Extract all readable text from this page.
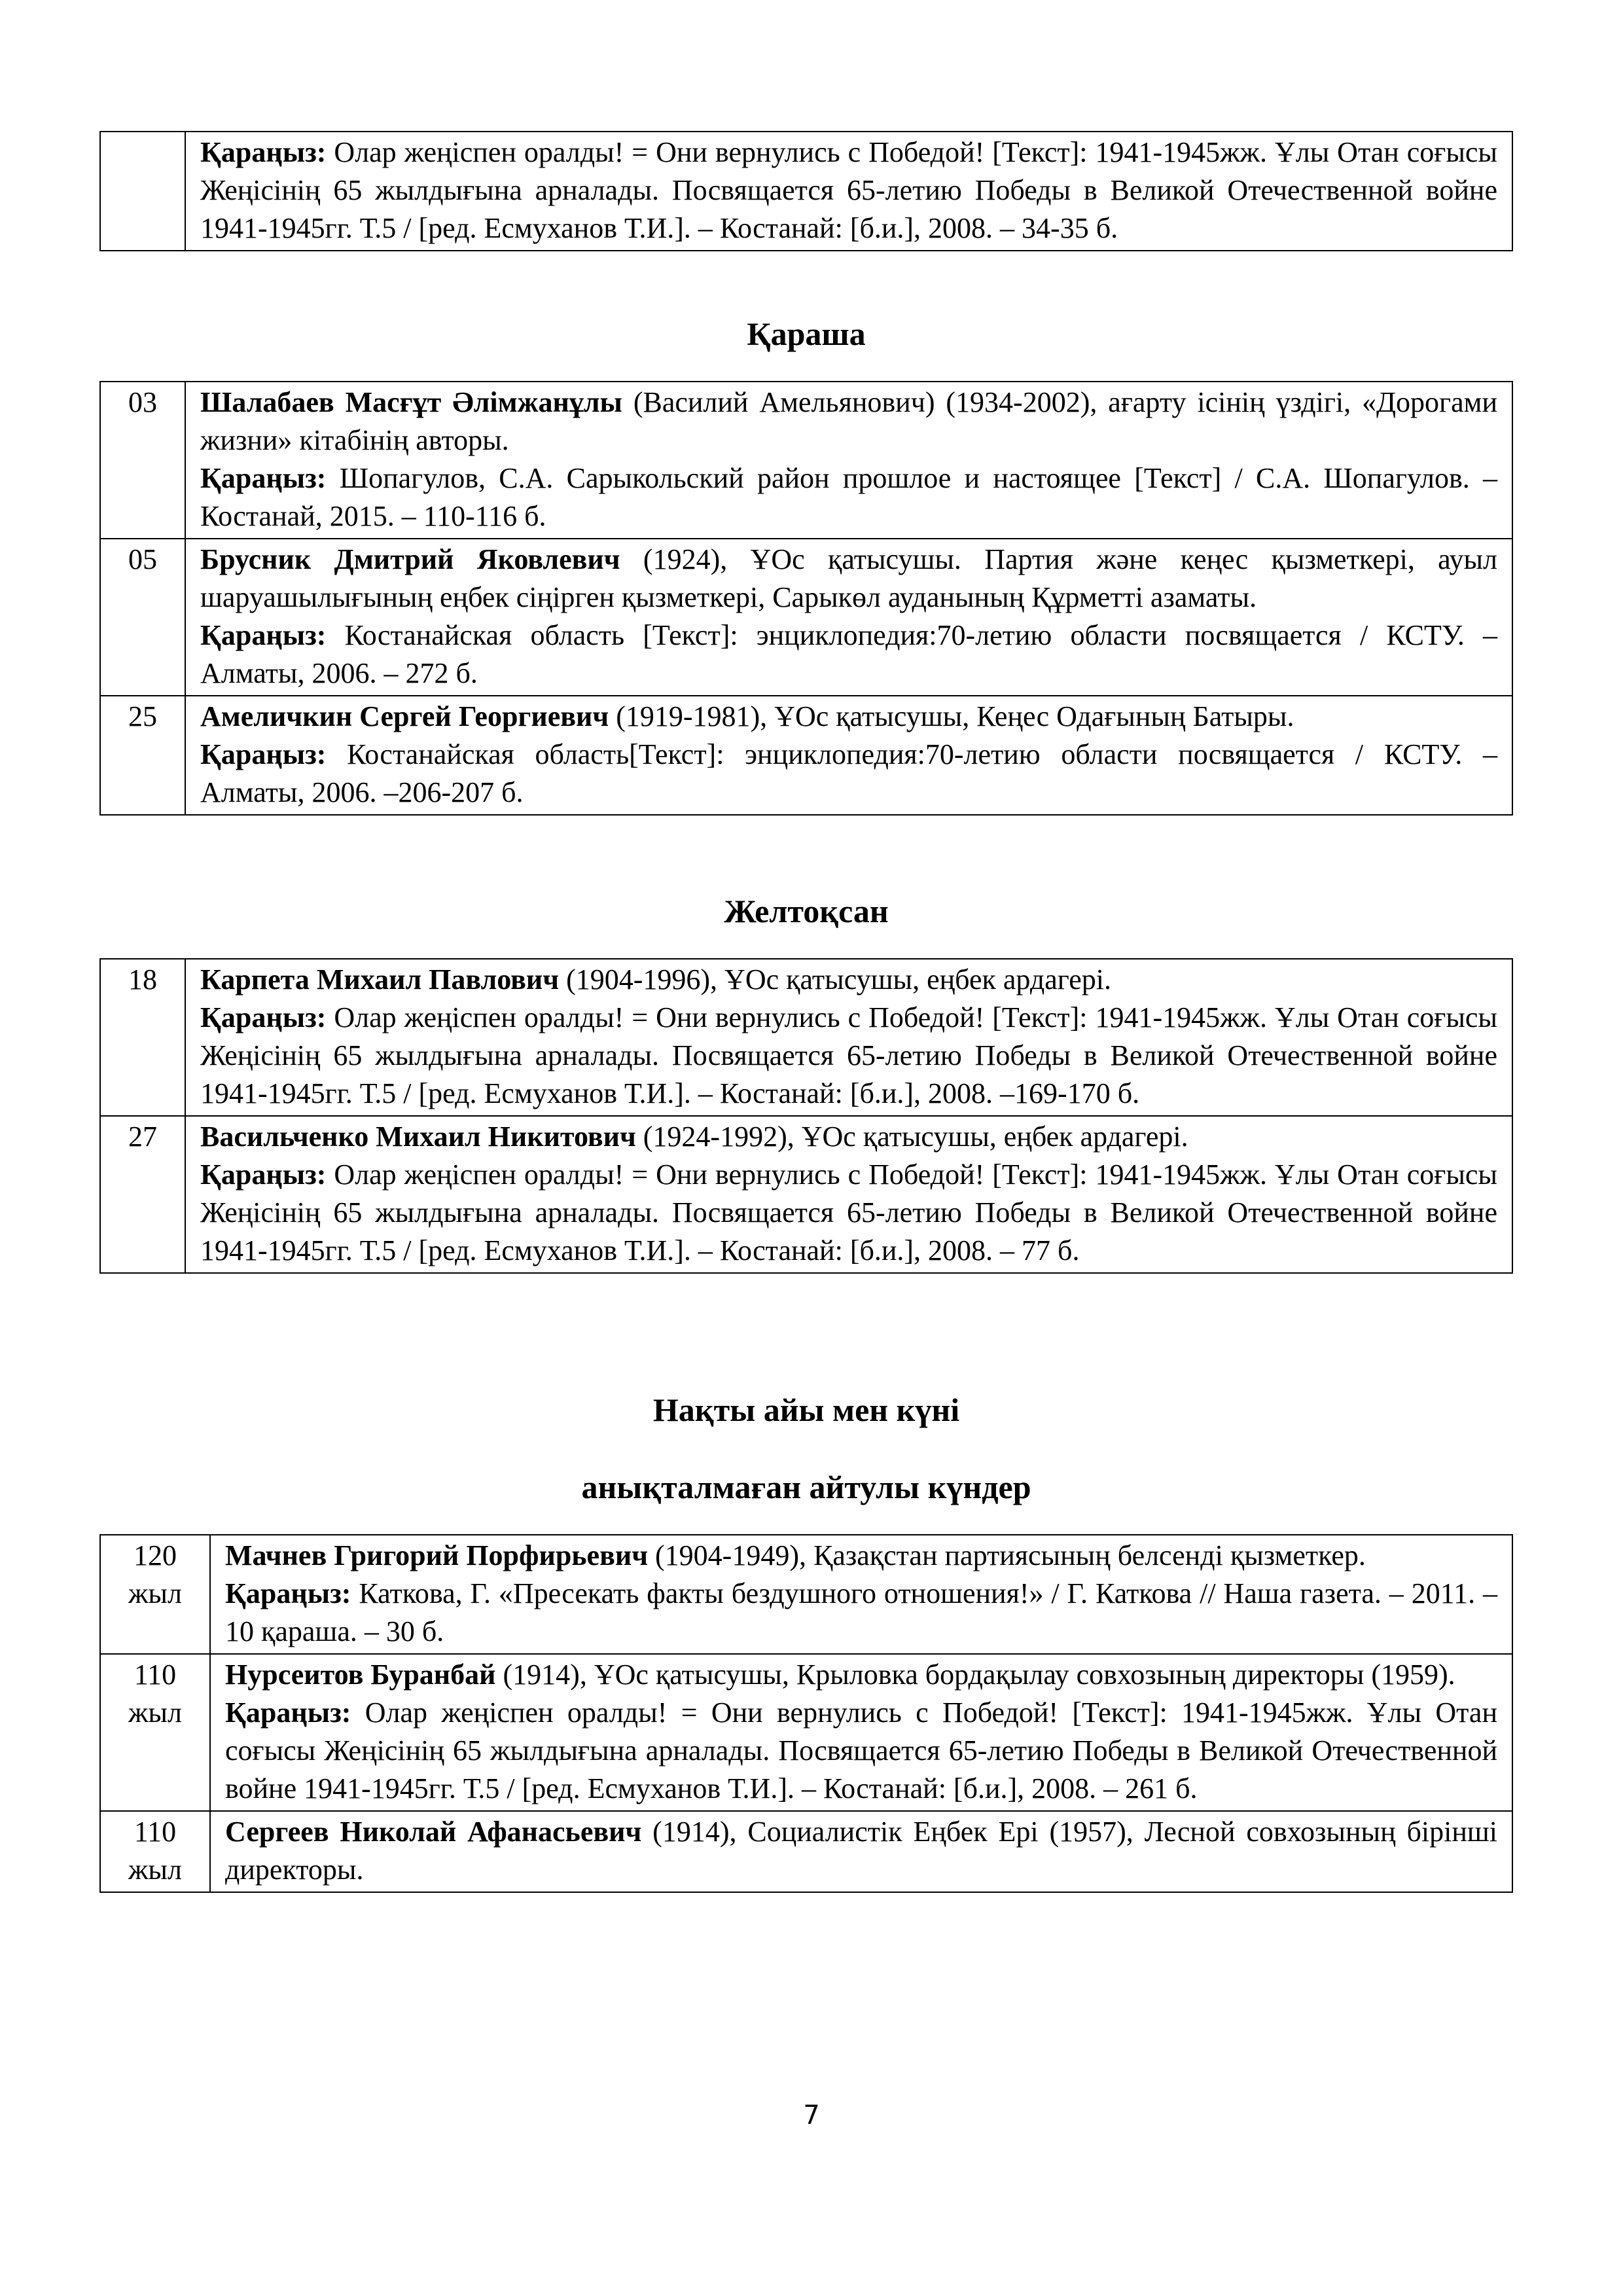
	Қараңыз: Олар жеңіспен оралды! = Они вернулись с Победой! [Текст]: 1941-1945жж. Ұлы Отан соғысы Жеңісінің 65 жылдығына арналады. Посвящается 65-летию Победы в Великой Отечественной войне 1941-1945гг. Т.5 / [ред. Есмуханов Т.И.]. – Костанай: [б.и.], 2008. – 34-35 б.
Қараша
03	Шалабаев Масғұт Әлімжанұлы (Василий Амельянович) (1934-2002), ағарту ісінің үздігі, «Дорогами жизни» кітабінің авторы.
Қараңыз: Шопагулов, С.А. Сарыкольский район прошлое и настоящее [Текст] / С.А. Шопагулов. – Костанай, 2015. – 110-116 б.

05	Брусник Дмитрий Яковлевич (1924), ҰОс қатысушы. Партия және кеңес қызметкері, ауыл шаруашылығының еңбек сіңірген қызметкері, Сарыкөл ауданының Құрметті азаматы.
Қараңыз: Костанайская область [Текст]: энциклопедия:70-летию области посвящается / КСТУ. – Алматы, 2006. – 272 б.

25	Амеличкин Сергей Георгиевич (1919-1981), ҰОс қатысушы, Кеңес Одағының Батыры.
Қараңыз: Костанайская область[Текст]: энциклопедия:70-летию области посвящается / КСТУ. – Алматы, 2006. –206-207 б.
Желтоқсан
18	Карпета Михаил Павлович (1904-1996), ҰОс қатысушы, еңбек ардагері.
Қараңыз: Олар жеңіспен оралды! = Они вернулись с Победой! [Текст]: 1941-1945жж. Ұлы Отан соғысы Жеңісінің 65 жылдығына арналады. Посвящается 65-летию Победы в Великой Отечественной войне 1941-1945гг. Т.5 / [ред. Есмуханов Т.И.]. – Костанай: [б.и.], 2008. –169-170 б.

27	Васильченко Михаил Никитович (1924-1992), ҰОс қатысушы, еңбек ардагері.
Қараңыз: Олар жеңіспен оралды! = Они вернулись с Победой! [Текст]: 1941-1945жж. Ұлы Отан соғысы Жеңісінің 65 жылдығына арналады. Посвящается 65-летию Победы в Великой Отечественной войне 1941-1945гг. Т.5 / [ред. Есмуханов Т.И.]. – Костанай: [б.и.], 2008. – 77 б.
Нақты айы мен күні
анықталмаған айтулы күндер
120
жыл	Мачнев Григорий Порфирьевич (1904-1949), Қазақстан партиясының белсенді қызметкер.
Қараңыз: Каткова, Г. «Пресекать факты бездушного отношения!» / Г. Каткова // Наша газета. – 2011. – 10 қараша. – 30 б.

110
жыл	Нурсеитов Буранбай (1914), ҰОс қатысушы, Крыловка бордақылау совхозының директоры (1959).
Қараңыз: Олар жеңіспен оралды! = Они вернулись с Победой! [Текст]: 1941-1945жж. Ұлы Отан соғысы Жеңісінің 65 жылдығына арналады. Посвящается 65-летию Победы в Великой Отечественной войне 1941-1945гг. Т.5 / [ред. Есмуханов Т.И.]. – Костанай: [б.и.], 2008. – 261 б.

110
жыл	Сергеев Николай Афанасьевич (1914), Социалистік Еңбек Ері (1957), Лесной совхозының бірінші директоры.
7
